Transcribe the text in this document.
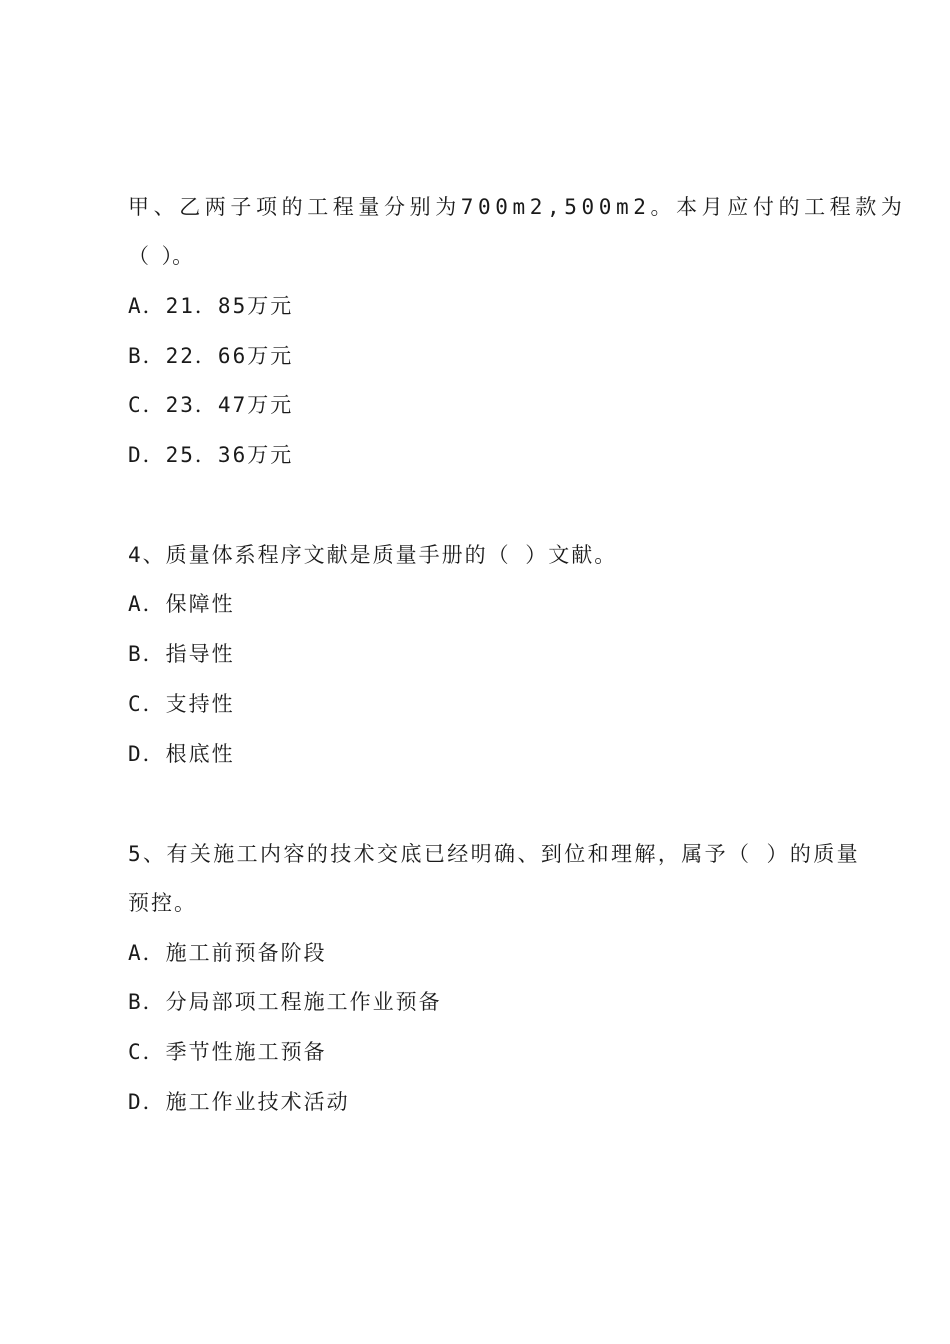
甲、乙两子项的工程量分别为700m2,500m2。本月应付的工程款为
（ ）。
A．21．85万元
B．22．66万元
C．23．47万元
D．25．36万元
4、质量体系程序文献是质量手册的（ ）文献。
A．保障性
B．指导性
C．支持性
D．根底性
5、有关施工内容的技术交底已经明确、到位和理解，属予（ ）的质量
预控。
A．施工前预备阶段
B．分局部项工程施工作业预备
C．季节性施工预备
D．施工作业技术活动
